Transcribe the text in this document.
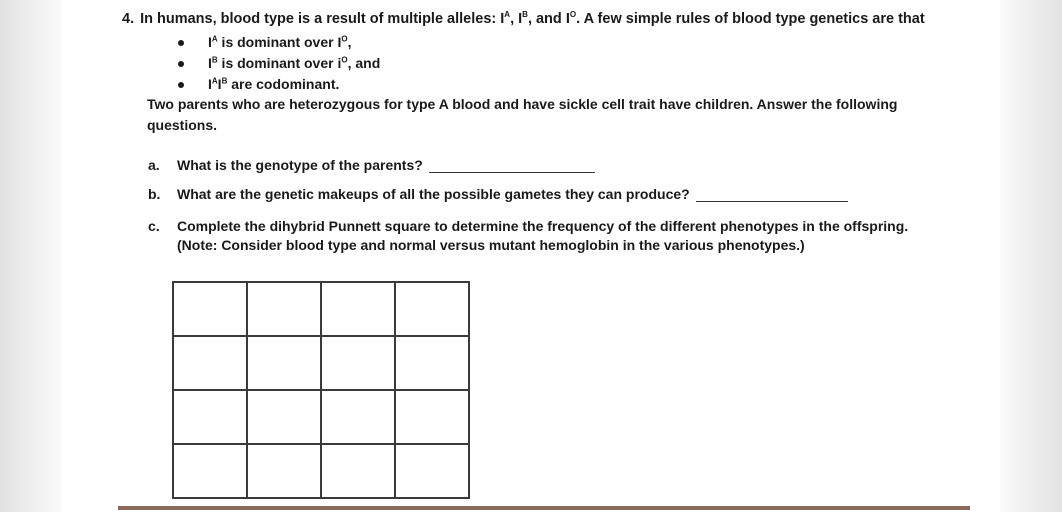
4. In humans, blood type is a result of multiple alleles: $I^A$, $I^B$, and $I^O$. A few simple rules of blood type genetics are that
$I^A$ is dominant over $I^O$,
$I^B$ is dominant over $i^O$, and
$I^AI^B$ are codominant.
Two parents who are heterozygous for type A blood and have sickle cell trait have children. Answer the following questions.
a. What is the genotype of the parents?
b. What are the genetic makeups of all the possible gametes they can produce?
c. Complete the dihybrid Punnett square to determine the frequency of the different phenotypes in the offspring.
(Note: Consider blood type and normal versus mutant hemoglobin in the various phenotypes.)
